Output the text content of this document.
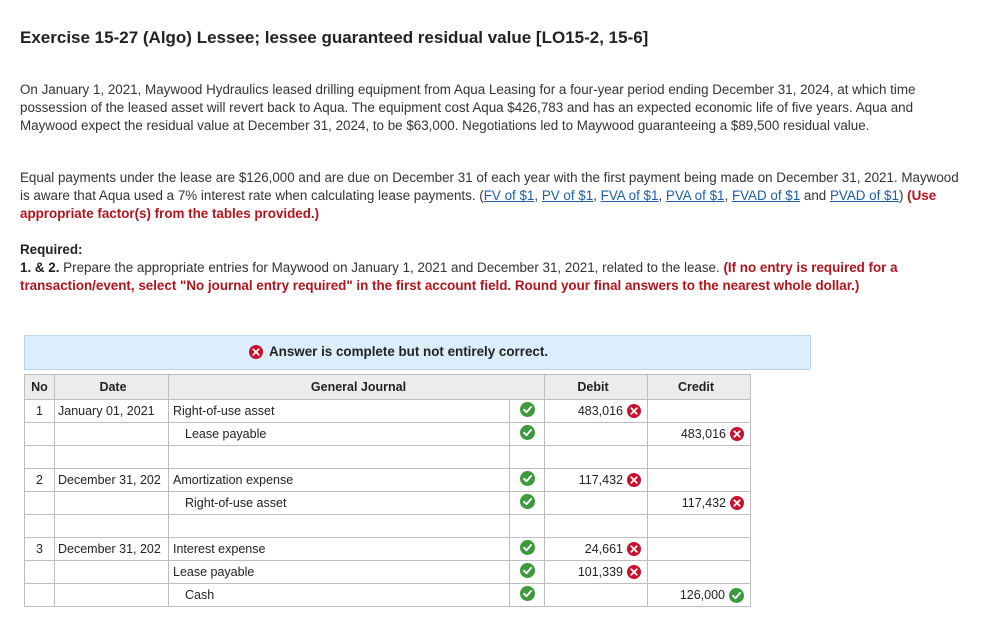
Exercise 15-27 (Algo) Lessee; lessee guaranteed residual value [LO15-2, 15-6]

On January 1, 2021, Maywood Hydraulics leased drilling equipment from Aqua Leasing for a four-year period ending December 31, 2024, at which time possession of the leased asset will revert back to Aqua. The equipment cost Aqua $426,783 and has an expected economic life of five years. Aqua and Maywood expect the residual value at December 31, 2024, to be $63,000. Negotiations led to Maywood guaranteeing a $89,500 residual value.

Equal payments under the lease are $126,000 and are due on December 31 of each year with the first payment being made on December 31, 2021. Maywood is aware that Aqua used a 7% interest rate when calculating lease payments. (FV of $1, PV of $1, FVA of $1, PVA of $1, FVAD of $1 and PVAD of $1) (Use appropriate factor(s) from the tables provided.)

Required:
1. & 2. Prepare the appropriate entries for Maywood on January 1, 2021 and December 31, 2021, related to the lease. (If no entry is required for a transaction/event, select "No journal entry required" in the first account field. Round your final answers to the nearest whole dollar.)
Answer is complete but not entirely correct.
No	Date	General Journal		Debit	Credit
1	January 01, 2021	Right-of-use asset		483,016	

		Lease payable			483,016

2	December 31, 202	Amortization expense		117,432	

		Right-of-use asset			117,432

3	December 31, 202	Interest expense		24,661	

		Lease payable		101,339	

		Cash			126,000
